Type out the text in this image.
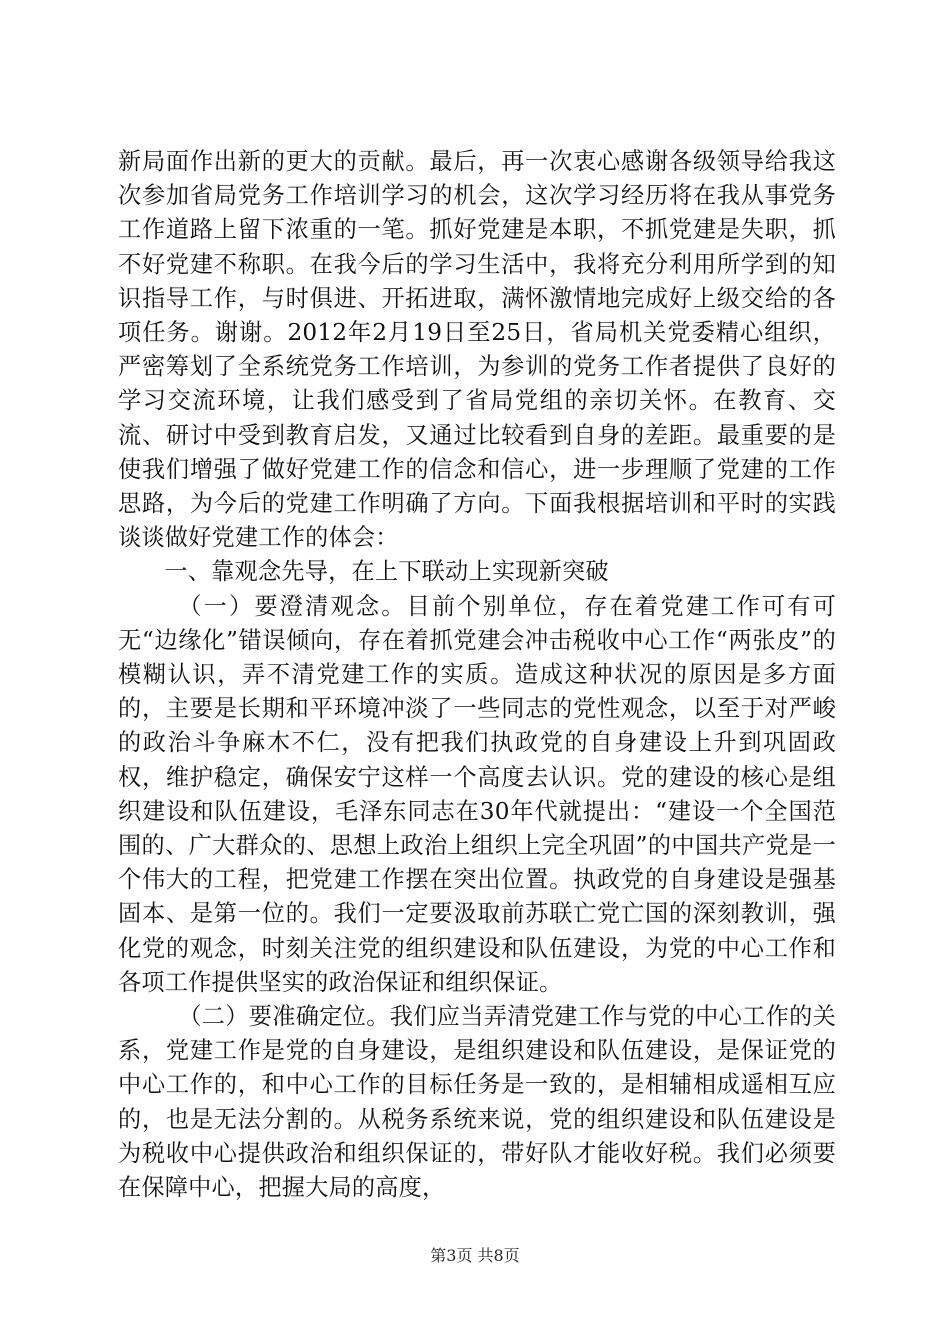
新局面作出新的更大的贡献。最后，再一次衷心感谢各级领导给我这次参加省局党务工作培训学习的机会，这次学习经历将在我从事党务工作道路上留下浓重的一笔。抓好党建是本职，不抓党建是失职，抓不好党建不称职。在我今后的学习生活中，我将充分利用所学到的知识指导工作，与时俱进、开拓进取，满怀激情地完成好上级交给的各项任务。谢谢。2012年2月19日至25日，省局机关党委精心组织，严密筹划了全系统党务工作培训，为参训的党务工作者提供了良好的学习交流环境，让我们感受到了省局党组的亲切关怀。在教育、交流、研讨中受到教育启发，又通过比较看到自身的差距。最重要的是使我们增强了做好党建工作的信念和信心，进一步理顺了党建的工作思路，为今后的党建工作明确了方向。下面我根据培训和平时的实践谈谈做好党建工作的体会：

一、靠观念先导，在上下联动上实现新突破

（一）要澄清观念。目前个别单位，存在着党建工作可有可无“边缘化”错误倾向，存在着抓党建会冲击税收中心工作“两张皮”的模糊认识，弄不清党建工作的实质。造成这种状况的原因是多方面的，主要是长期和平环境冲淡了一些同志的党性观念，以至于对严峻的政治斗争麻木不仁，没有把我们执政党的自身建设上升到巩固政权，维护稳定，确保安宁这样一个高度去认识。党的建设的核心是组织建设和队伍建设，毛泽东同志在30年代就提出：“建设一个全国范围的、广大群众的、思想上政治上组织上完全巩固”的中国共产党是一个伟大的工程，把党建工作摆在突出位置。执政党的自身建设是强基固本、是第一位的。我们一定要汲取前苏联亡党亡国的深刻教训，强化党的观念，时刻关注党的组织建设和队伍建设，为党的中心工作和各项工作提供坚实的政治保证和组织保证。

（二）要准确定位。我们应当弄清党建工作与党的中心工作的关系，党建工作是党的自身建设，是组织建设和队伍建设，是保证党的中心工作的，和中心工作的目标任务是一致的，是相辅相成遥相互应的，也是无法分割的。从税务系统来说，党的组织建设和队伍建设是为税收中心提供政治和组织保证的，带好队才能收好税。我们必须要在保障中心，把握大局的高度，

第3页 共8页
